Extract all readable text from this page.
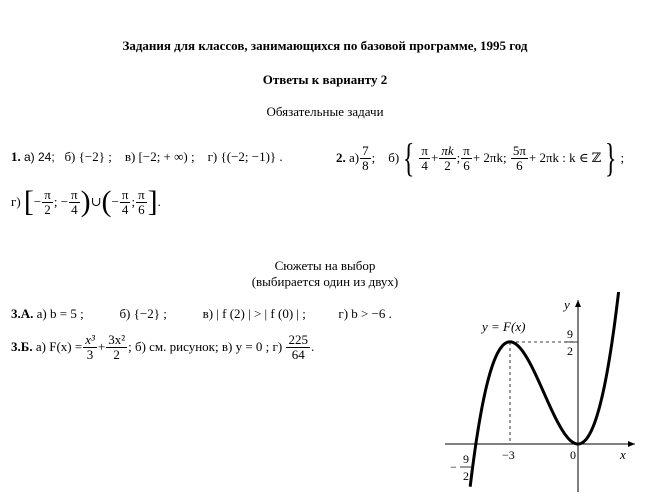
Задания для классов, занимающихся по базовой программе, 1995 год
Ответы к варианту 2
Обязательные задачи
1. а) 24; б) {−2} ; в) [−2; + ∞) ; г) {(−2; −1)} .	2.
$а) \frac{7}{8}$ ;
б) { $\frac{\pi}{4} + \frac{\pi k}{2}$ ; $\frac{\pi}{6} + 2\pi k$;
$\frac{5\pi}{6} + 2\pi k$ : k ∈ ℤ } ;
г)
[ − $\frac{\pi}{2}$ ; − $\frac{\pi}{4}$ ) ∪ ( − $\frac{\pi}{4}$ ; $\frac{\pi}{6}$ ] .
Сюжеты на выбор
(выбирается один из двух)
3.А. а) b = 5 ;	б) {−2} ;	в) | f (2) | > | f (0) | ;	г) b > −6 .
3.Б.
а) $F(x) = \frac{\text{x³}}{3} + \frac{\text{3x²}}{2}$ ; б) см. рисунок; в) y = 0 ; г)
$\frac{225}{64}$ .
y = F(x)
y
x
9
2
−
9
2
−3	0
